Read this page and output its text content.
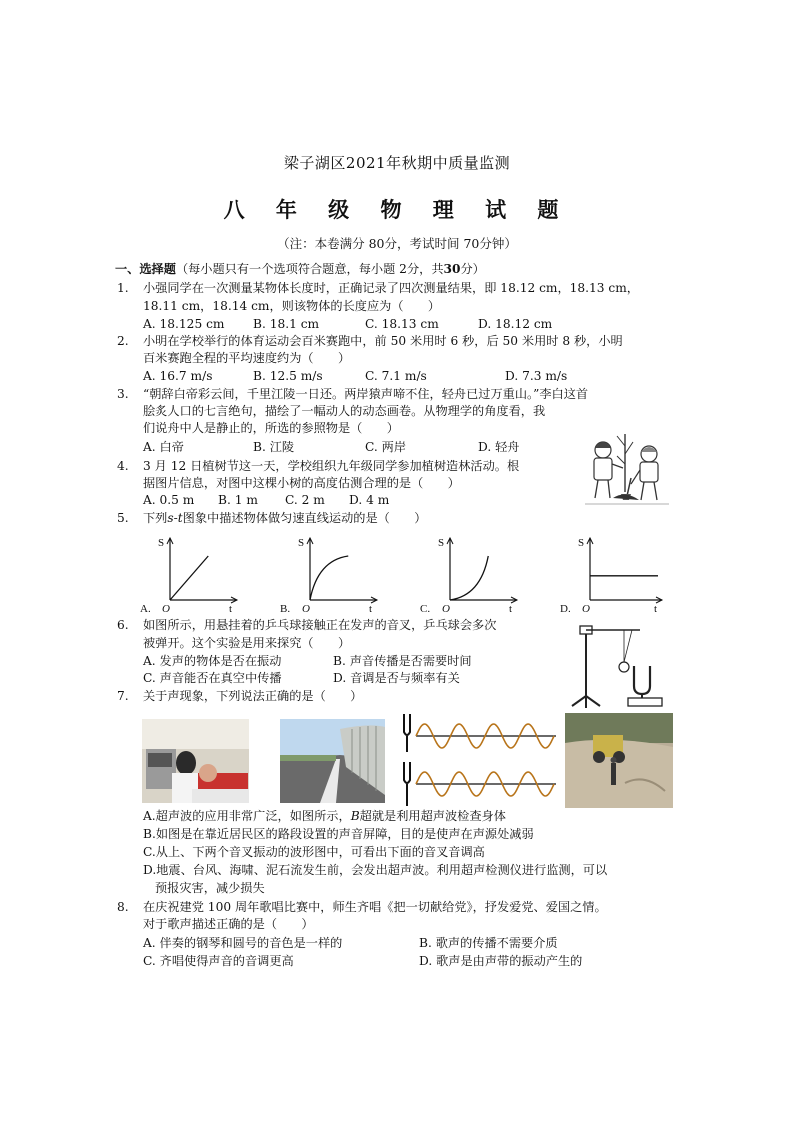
梁子湖区2021年秋期中质量监测
八 年 级 物 理 试 题
（注：本卷满分 80分，考试时间 70分钟）
一、选择题（每小题只有一个选项符合题意，每小题 2分，共30分）
1.	小强同学在一次测量某物体长度时，正确记录了四次测量结果，即 18.12 cm，18.13 cm，
18.11 cm，18.14 cm，则该物体的长度应为（　　）
A. 18.125 cm B. 18.1 cm	C. 18.13 cm	D. 18.12 cm
2.	小明在学校举行的体育运动会百米赛跑中，前 50 米用时 6 秒，后 50 米用时 8 秒，小明
百米赛跑全程的平均速度约为（　　）
A. 16.7 m/s	B. 12.5 m/s	C. 7.1 m/s	D. 7.3 m/s
3.	“朝辞白帝彩云间，千里江陵一日还。两岸猿声啼不住，轻舟已过万重山。”李白这首
脍炙人口的七言绝句，描绘了一幅动人的动态画卷。从物理学的角度看，我
们说舟中人是静止的，所选的参照物是（　　）
A. 白帝	B. 江陵	C. 两岸	D. 轻舟
4.	3 月 12 日植树节这一天，学校组织九年级同学参加植树造林活动。根
据图片信息，对图中这棵小树的高度估测合理的是（　　）
A. 0.5 m B. 1 m C. 2 m D. 4 m
5.	下列s-t图象中描述物体做匀速直线运动的是（　　）
S
O	t
A.
S
O	t
B.
S
O	t
C.
S
O	t
D.
6.	如图所示，用悬挂着的乒乓球接触正在发声的音叉，乒乓球会多次
被弹开。这个实验是用来探究（　　）
A. 发声的物体是否在振动	B. 声音传播是否需要时间
C. 声音能否在真空中传播	D. 音调是否与频率有关
7.	关于声现象，下列说法正确的是（　　）
A.超声波的应用非常广泛，如图所示，B超就是利用超声波检查身体
B.如图是在靠近居民区的路段设置的声音屏障，目的是使声在声源处减弱
C.从上、下两个音叉振动的波形图中，可看出下面的音叉音调高
D.地震、台风、海啸、泥石流发生前，会发出超声波。利用超声检测仪进行监测，可以
预报灾害，减少损失
8.	在庆祝建党 100 周年歌唱比赛中，师生齐唱《把一切献给党》，抒发爱党、爱国之情。
对于歌声描述正确的是（　　）
A. 伴奏的钢琴和圆号的音色是一样的	B. 歌声的传播不需要介质
C. 齐唱使得声音的音调更高	D. 歌声是由声带的振动产生的
